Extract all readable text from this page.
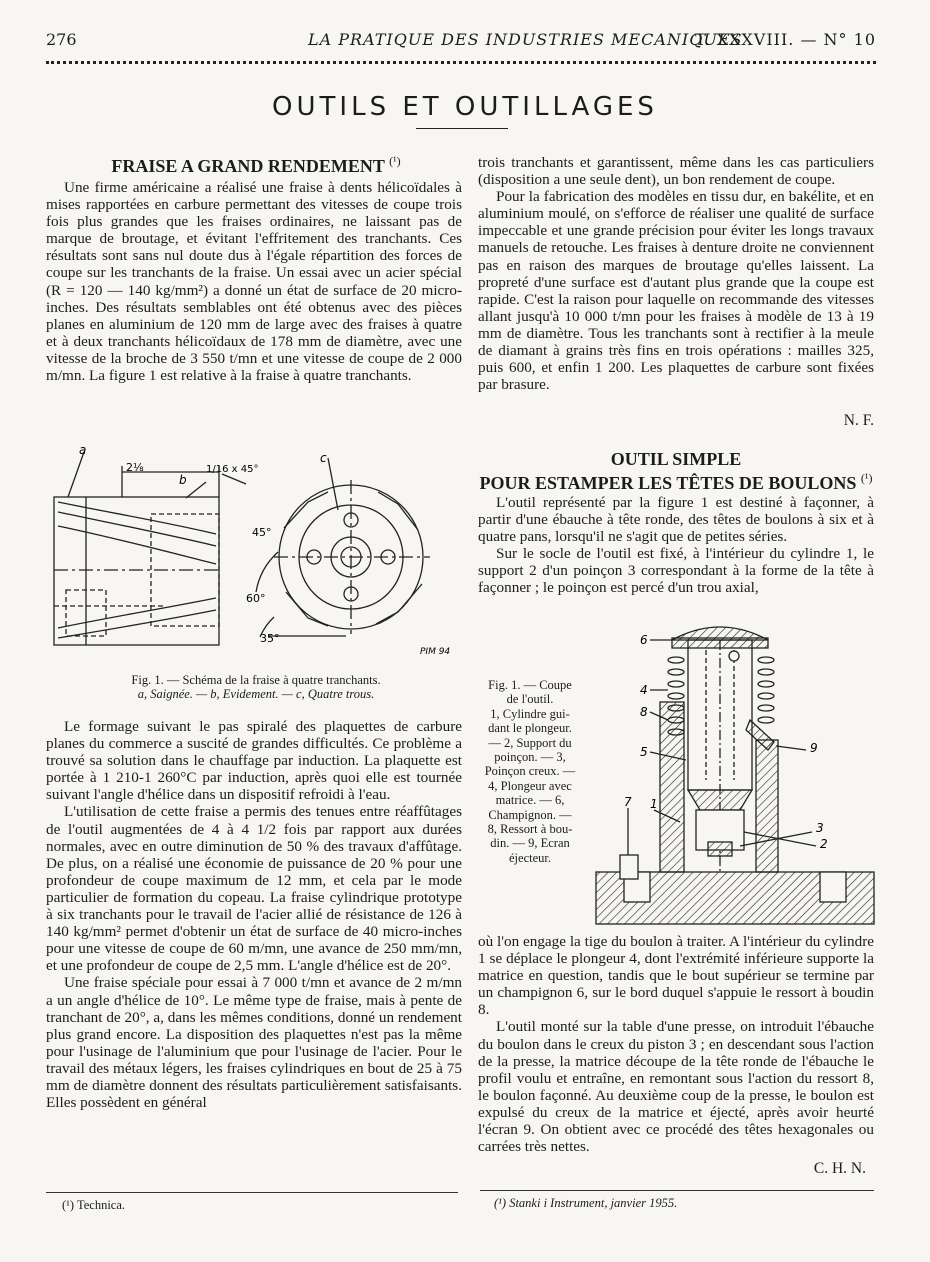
276	LA PRATIQUE DES INDUSTRIES MECANIQUES
T. XXXVIII. — N° 10
OUTILS ET OUTILLAGES
FRAISE A GRAND RENDEMENT $^{(^1)}$

Une firme américaine a réalisé une fraise à dents hélicoïdales à mises rapportées en carbure permettant des vitesses de coupe trois fois plus grandes que les fraises ordinaires, ne laissant pas de marque de broutage, et évitant l'effritement des tranchants. Ces résultats sont sans nul doute dus à l'égale répartition des forces de coupe sur les tranchants de la fraise. Un essai avec un acier spécial (R = 120 — 140 kg/mm²) a donné un état de surface de 20 micro-inches. Des résultats semblables ont été obtenus avec des pièces planes en aluminium de 120 mm de large avec des fraises à quatre et à deux tranchants hélicoïdaux de 178 mm de diamètre, avec une vitesse de la broche de 3 550 t/mn et une vitesse de coupe de 2 000 m/mn. La figure 1 est relative à la fraise à quatre tranchants.

a
2⅛
b
1/16 x 45°
c
45°
60°
35°
PIM 94
Fig. 1. — Schéma de la fraise à quatre tranchants.
a, Saignée. — b, Evidement. — c, Quatre trous.

Le formage suivant le pas spiralé des plaquettes de carbure planes du commerce a suscité de grandes difficultés. Ce problème a trouvé sa solution dans le chauffage par induction. La plaquette est portée à 1 210-1 260°C par induction, après quoi elle est tournée suivant l'angle d'hélice dans un dispositif refroidi à l'eau.

L'utilisation de cette fraise a permis des tenues entre réaffûtages de l'outil augmentées de 4 à 4 1/2 fois par rapport aux durées normales, avec en outre diminution de 50 % des travaux d'affûtage. De plus, on a réalisé une économie de puissance de 20 % pour une profondeur de coupe maximum de 12 mm, et cela par le mode particulier de formation du copeau. La fraise cylindrique prototype à six tranchants pour le travail de l'acier allié de résistance de 126 à 140 kg/mm² permet d'obtenir un état de surface de 40 micro-inches pour une vitesse de coupe de 60 m/mn, une avance de 250 mm/mn, et une profondeur de coupe de 2,5 mm. L'angle d'hélice est de 20°.

Une fraise spéciale pour essai à 7 000 t/mn et avance de 2 m/mn a un angle d'hélice de 10°. Le même type de fraise, mais à pente de tranchant de 20°, a, dans les mêmes conditions, donné un rendement plus grand encore. La disposition des plaquettes n'est pas la même pour l'usinage de l'aluminium que pour l'usinage de l'acier. Pour le travail des métaux légers, les fraises cylindriques en bout de 25 à 75 mm de diamètre donnent des résultats particulièrement satisfaisants. Elles possèdent en général

(¹) Technica.

trois tranchants et garantissent, même dans les cas particuliers (disposition a une seule dent), un bon rendement de coupe.

Pour la fabrication des modèles en tissu dur, en bakélite, et en aluminium moulé, on s'efforce de réaliser une qualité de surface impeccable et une grande précision pour éviter les longs travaux manuels de retouche. Les fraises à denture droite ne conviennent pas en raison des marques de broutage qu'elles laissent. La propreté d'une surface est d'autant plus grande que la coupe est rapide. C'est la raison pour laquelle on recommande des vitesses allant jusqu'à 10 000 t/mn pour les fraises à modèle de 13 à 19 mm de diamètre. Tous les tranchants sont à rectifier à la meule de diamant à grains très fins en trois opérations : mailles 325, puis 600, et enfin 1 200. Les plaquettes de carbure sont fixées par brasure.

N. F.
OUTIL SIMPLE
POUR ESTAMPER LES TÊTES DE BOULONS $^{(^1)}$

L'outil représenté par la figure 1 est destiné à façonner, à partir d'une ébauche à tête ronde, des têtes de boulons à six et à quatre pans, lorsqu'il ne s'agit que de petites séries.

Sur le socle de l'outil est fixé, à l'intérieur du cylindre 1, le support 2 d'un poinçon 3 correspondant à la forme de la tête à façonner ; le poinçon est percé d'un trou axial,

Fig. 1. — Coupe
de l'outil.
1, Cylindre gui-
dant le plongeur.
— 2, Support du
poinçon. — 3,
Poinçon creux. —
4, Plongeur avec
matrice. — 6,
Champignon. —
8, Ressort à bou-
din. — 9, Ecran
éjecteur.
6
4
8
5	9
7 1
3
2

où l'on engage la tige du boulon à traiter. A l'intérieur du cylindre 1 se déplace le plongeur 4, dont l'extrémité inférieure supporte la matrice en question, tandis que le bout supérieur se termine par un champignon 6, sur le bord duquel s'appuie le ressort à boudin 8.

L'outil monté sur la table d'une presse, on introduit l'ébauche du boulon dans le creux du piston 3 ; en descendant sous l'action de la presse, la matrice découpe de la tête ronde de l'ébauche le profil voulu et entraîne, en remontant sous l'action du ressort 8, le boulon façonné. Au deuxième coup de la presse, le boulon est expulsé du creux de la matrice et éjecté, après avoir heurté l'écran 9. On obtient avec ce procédé des têtes hexagonales ou carrées très nettes.

C. H. N.
(¹) Stanki i Instrument, janvier 1955.
